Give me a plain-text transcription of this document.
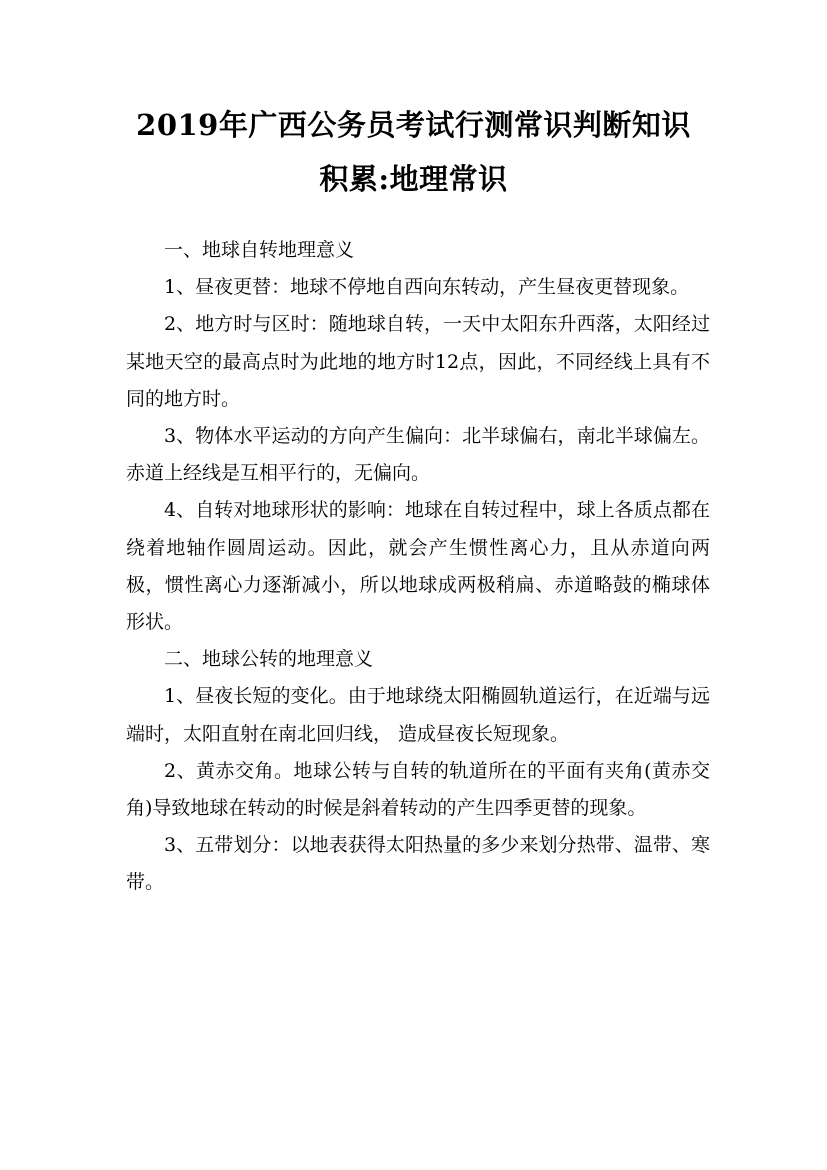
2019年广西公务员考试行测常识判断知识
积累:地理常识

一、地球自转地理意义

1、昼夜更替：地球不停地自西向东转动，产生昼夜更替现象。

2、地方时与区时：随地球自转，一天中太阳东升西落，太阳经过某地天空的最高点时为此地的地方时12点，因此，不同经线上具有不同的地方时。

3、物体水平运动的方向产生偏向：北半球偏右，南北半球偏左。赤道上经线是互相平行的，无偏向。

4、自转对地球形状的影响：地球在自转过程中，球上各质点都在绕着地轴作圆周运动。因此，就会产生惯性离心力，且从赤道向两极，惯性离心力逐渐减小，所以地球成两极稍扁、赤道略鼓的椭球体形状。

二、地球公转的地理意义

1、昼夜长短的变化。由于地球绕太阳椭圆轨道运行，在近端与远端时，太阳直射在南北回归线， 造成昼夜长短现象。

2、黄赤交角。地球公转与自转的轨道所在的平面有夹角(黄赤交角)导致地球在转动的时候是斜着转动的产生四季更替的现象。

3、五带划分：以地表获得太阳热量的多少来划分热带、温带、寒带。
